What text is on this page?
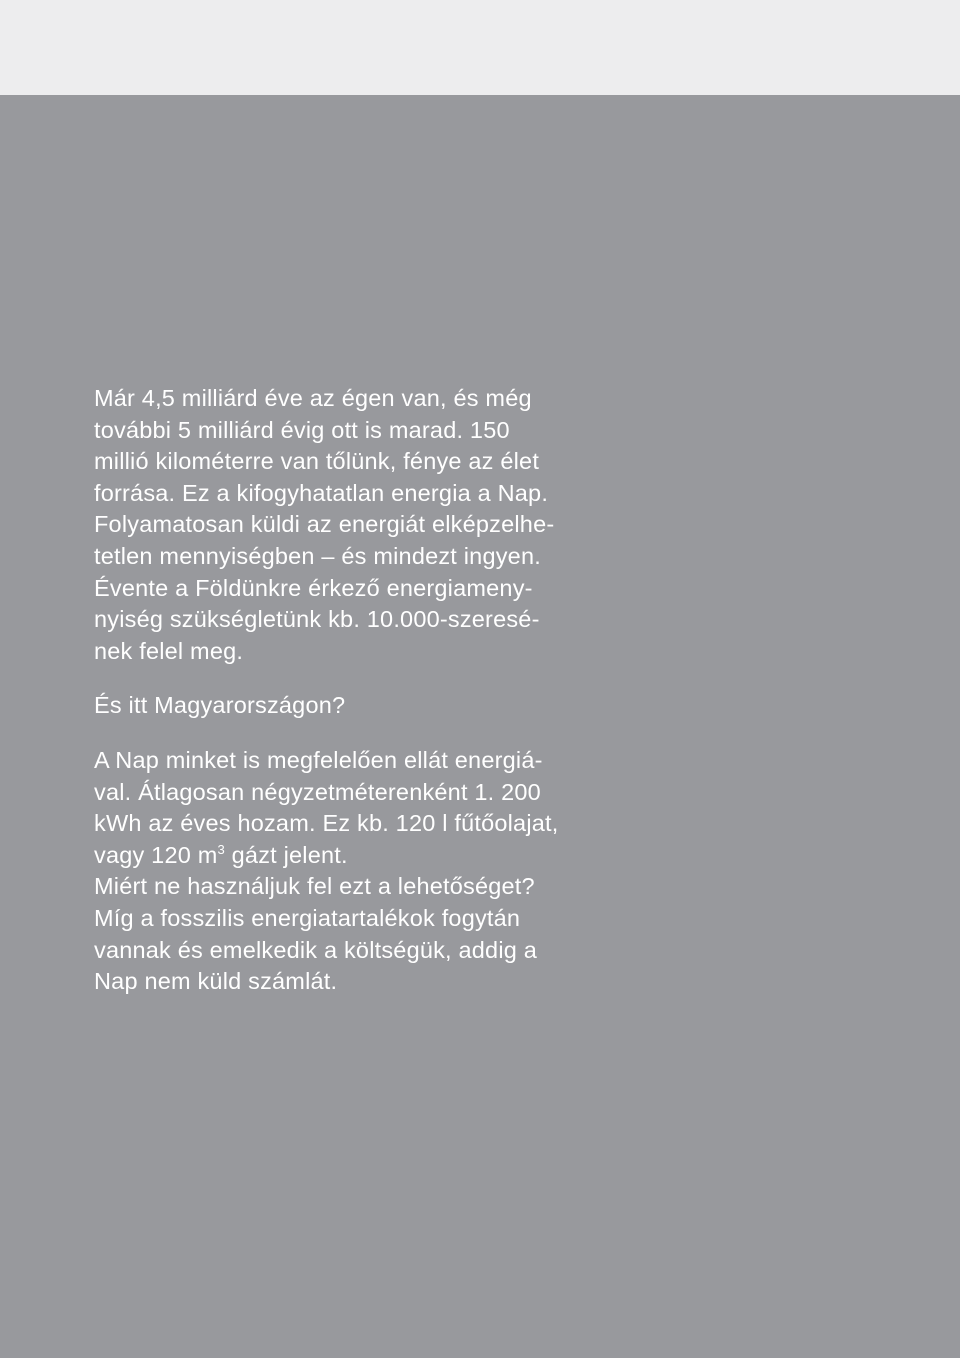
Már 4,5 milliárd éve az égen van, és még
további 5 milliárd évig ott is marad. 150
millió kilométerre van tőlünk, fénye az élet
forrása. Ez a kifogyhatatlan energia a Nap.
Folyamatosan küldi az energiát elképzelhe-
tetlen mennyiségben – és mindezt ingyen.
Évente a Földünkre érkező energiameny-
nyiség szükségletünk kb. 10.000-szeresé-
nek felel meg.
És itt Magyarországon?
A Nap minket is megfelelően ellát energiá-
val. Átlagosan négyzetméterenként 1. 200
kWh az éves hozam. Ez kb. 120 l fűtőolajat,
vagy 120 $m^3$ gázt jelent.
Miért ne használjuk fel ezt a lehetőséget?
Míg a fosszilis energiatartalékok fogytán
vannak és emelkedik a költségük, addig a
Nap nem küld számlát.
